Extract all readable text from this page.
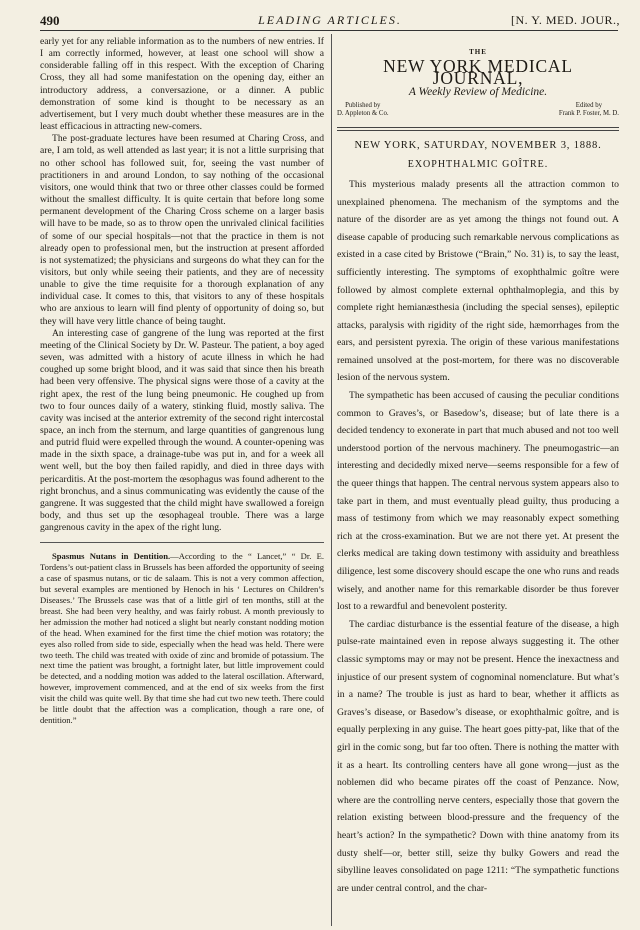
490	LEADING ARTICLES.	[N. Y. MED. JOUR.,

early yet for any reliable information as to the numbers of new entries. If I am correctly informed, however, at least one school will show a considerable falling off in this respect. With the exception of Charing Cross, they all had some manifestation on the opening day, either an introductory address, a conversazione, or a dinner. A public demonstration of some kind is thought to be necessary as an advertisement, but I very much doubt whether these measures are in the least efficacious in attracting new-comers.

The post-graduate lectures have been resumed at Charing Cross, and are, I am told, as well attended as last year; it is not a little surprising that no other school has followed suit, for, seeing the vast number of practitioners in and around London, to say nothing of the occasional visitors, one would think that two or three other classes could be formed without the smallest difficulty. It is quite certain that before long some permanent development of the Charing Cross scheme on a larger basis will have to be made, so as to throw open the unrivaled clinical facilities of some of our special hospitals—not that the practice in them is not already open to professional men, but the instruction at present afforded is not systematized; the physicians and surgeons do what they can for the visitors, but only while seeing their patients, and they are of necessity unable to give the time requisite for a thorough explanation of any individual case. It comes to this, that visitors to any of these hospitals who are anxious to learn will find plenty of opportunity of doing so, but they will have very little chance of being taught.

An interesting case of gangrene of the lung was reported at the first meeting of the Clinical Society by Dr. W. Pasteur. The patient, a boy aged seven, was admitted with a history of acute illness in which he had coughed up some bright blood, and it was said that since then his breath had been very offensive. The physical signs were those of a cavity at the right apex, the rest of the lung being pneumonic. He coughed up from two to four ounces daily of a watery, stinking fluid, mostly saliva. The cavity was incised at the anterior extremity of the second right intercostal space, an inch from the sternum, and large quantities of gangrenous lung and putrid fluid were expelled through the wound. A counter-opening was made in the sixth space, a drainage-tube was put in, and for a week all went well, but the boy then failed rapidly, and died in three days with pericarditis. At the post-mortem the œsophagus was found adherent to the right bronchus, and a sinus communicating was evidently the cause of the gangrene. It was suggested that the child might have swallowed a foreign body, and thus set up the œsophageal trouble. There was a large gangrenous cavity in the apex of the right lung.

Spasmus Nutans in Dentition.—According to the “ Lancet,” “ Dr. E. Tordens’s out-patient class in Brussels has been afforded the opportunity of seeing a case of spasmus nutans, or tic de salaam. This is not a very common affection, but several examples are mentioned by Henoch in his ‘ Lectures on Children’s Diseases.’ The Brussels case was that of a little girl of ten months, still at the breast. She had been very healthy, and was fairly robust. A month previously to her admission the mother had noticed a slight but nearly constant nodding motion of the head. When examined for the first time the chief motion was rotatory; the eyes also rolled from side to side, especially when the head was held. There were two teeth. The child was treated with oxide of zinc and bromide of potassium. The next time the patient was brought, a fortnight later, but little improvement could be detected, and a nodding motion was added to the lateral oscillation. Afterward, however, improvement commenced, and at the end of six weeks from the first visit the child was quite well. By that time she had cut two new teeth. There could be little doubt that the affection was a complication, though a rare one, of dentition.”

THE
NEW YORK MEDICAL JOURNAL,
A Weekly Review of Medicine.
Published by
D. Appleton & Co.
Edited by
Frank P. Foster, M. D.
NEW YORK, SATURDAY, NOVEMBER 3, 1888.
EXOPHTHALMIC GOÎTRE.

This mysterious malady presents all the attraction common to unexplained phenomena. The mechanism of the symptoms and the nature of the disorder are as yet among the things not found out. A disease capable of producing such remarkable nervous complications as existed in a case cited by Bristowe (“Brain,” No. 31) is, to say the least, sufficiently interesting. The symptoms of exophthalmic goître were followed by almost complete external ophthalmoplegia, and this by complete right hemianæsthesia (including the special senses), epileptic attacks, paralysis with rigidity of the right side, hæmorrhages from the ears, and persistent pyrexia. The origin of these various manifestations remained unsolved at the post-mortem, for there was no discoverable lesion of the nervous system.

The sympathetic has been accused of causing the peculiar conditions common to Graves’s, or Basedow’s, disease; but of late there is a decided tendency to exonerate in part that much abused and not too well understood portion of the nervous machinery. The pneumogastric—an interesting and decidedly mixed nerve—seems responsible for a few of the queer things that happen. The central nervous system appears also to take part in them, and must eventually plead guilty, thus producing a mass of testimony from which we may reasonably expect something rich at the cross-examination. But we are not there yet. At present the clerks medical are taking down testimony with assiduity and breathless diligence, lest some discovery should escape the one who runs and reads wisely, and another name for this remarkable disorder be thus forever lost to a rewardful and benevolent posterity.

The cardiac disturbance is the essential feature of the disease, a high pulse-rate maintained even in repose always suggesting it. The other classic symptoms may or may not be present. Hence the inexactness and injustice of our present system of cognominal nomenclature. But what’s in a name? The trouble is just as hard to bear, whether it afflicts as Graves’s disease, or Basedow’s disease, or exophthalmic goître, and is equally perplexing in any guise. The heart goes pitty-pat, like that of the girl in the comic song, but far too often. There is nothing the matter with it as a heart. Its controlling centers have all gone wrong—just as the noblemen did who became pirates off the coast of Penzance. Now, where are the controlling nerve centers, especially those that govern the relation existing between blood-pressure and the frequency of the heart’s action? In the sympathetic? Down with thine anatomy from its dusty shelf—or, better still, seize thy bulky Gowers and read the sibylline leaves consolidated on page 1211: “The sympathetic functions are under central control, and the char-
